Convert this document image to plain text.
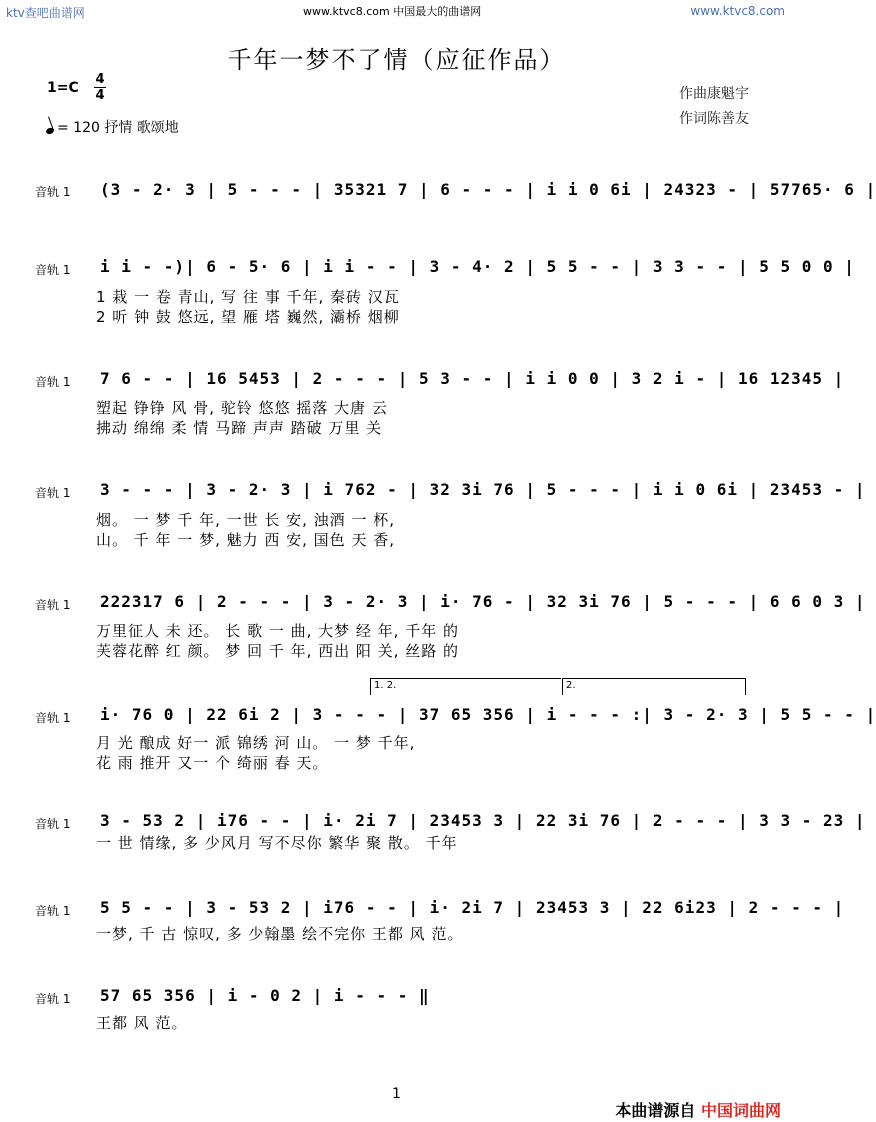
ktv查吧曲谱网	www.ktvc8.com 中国最大的曲谱网	www.ktvc8.com
千年一梦不了情（应征作品）
1=C
4
4
= 120 抒情 歌颂地
作曲康魁宇
作词陈善友
音轨 1 (3 - 2· 3 | 5 - - - | 35321 7 | 6 - - - | i i 0 6i | 24323 - | 57765· 6 |
音轨 1 i i - -)| 6 - 5· 6 | i i - - | 3 - 4· 2 | 5 5 - - | 3 3 - - | 5 5 0 0 |
1 栽 一 卷 青山, 写 往 事 千年, 秦砖 汉瓦
2 听 钟 鼓 悠远, 望 雁 塔 巍然, 灞桥 烟柳
音轨 1 7 6 - - | 16 5453 | 2 - - - | 5 3 - - | i i 0 0 | 3 2 i - | 16 12345 |
塑起 铮铮 风 骨, 驼铃 悠悠 摇落 大唐 云
拂动 绵绵 柔 情 马蹄 声声 踏破 万里 关
音轨 1 3 - - - | 3 - 2· 3 | i 762 - | 32 3i 76 | 5 - - - | i i 0 6i | 23453 - |
烟。 一 梦 千 年, 一世 长 安, 浊酒 一 杯,
山。 千 年 一 梦, 魅力 西 安, 国色 天 香,
音轨 1 222317 6 | 2 - - - | 3 - 2· 3 | i· 76 - | 32 3i 76 | 5 - - - | 6 6 0 3 |
万里征人 未 还。 长 歌 一 曲, 大梦 经 年, 千年 的
芙蓉花醉 红 颜。 梦 回 千 年, 西出 阳 关, 丝路 的
1. 2.	2.
音轨 1 i· 76 0 | 22 6i 2 | 3 - - - | 37 65 356 | i - - - :| 3 - 2· 3 | 5 5 - - |
月 光 酿成 好一 派 锦绣 河 山。 一 梦 千年,
花 雨 推开 又一 个 绮丽 春 天。
音轨 1 3 - 53 2 | i76 - - | i· 2i 7 | 23453 3 | 22 3i 76 | 2 - - - | 3 3 - 23 |
一 世 情缘, 多 少风月 写不尽你 繁华 聚 散。 千年
音轨 1 5 5 - - | 3 - 53 2 | i76 - - | i· 2i 7 | 23453 3 | 22 6i23 | 2 - - - |
一梦, 千 古 惊叹, 多 少翰墨 绘不完你 王都 风 范。
音轨 1 57 65 356 | i - 0 2 | i - - - ‖
王都 风 范。
1
本曲谱源自 中国词曲网
